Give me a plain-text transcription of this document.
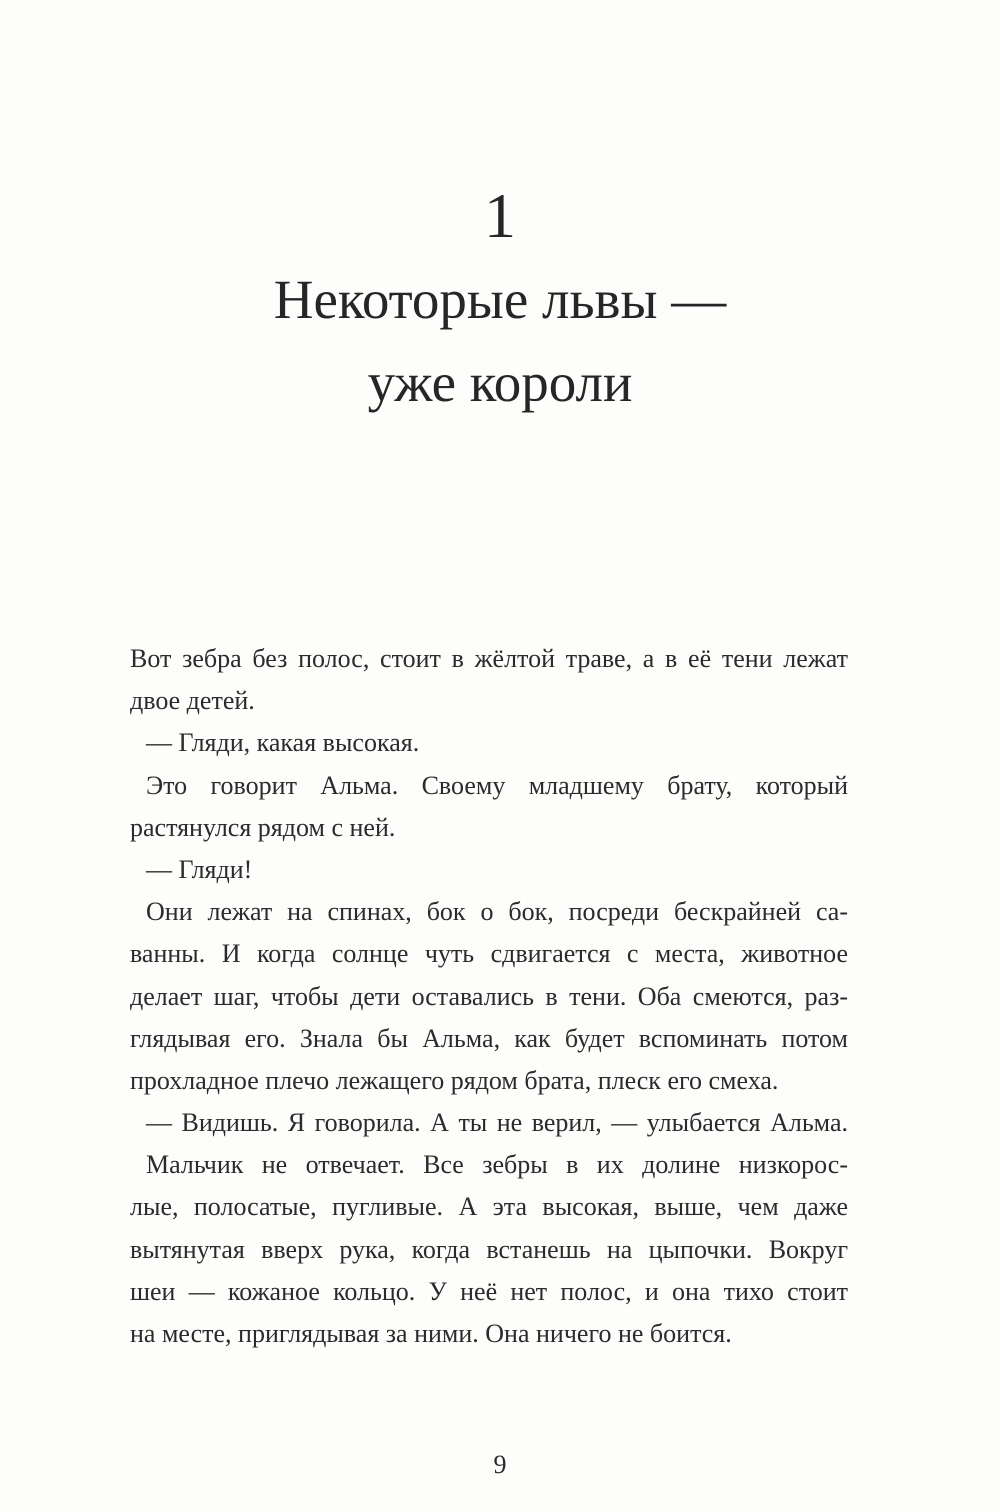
1
Некоторые львы —
уже короли
Вот зебра без полос, стоит в жёлтой траве, а в её тени лежат
двое детей.
— Гляди, какая высокая.
Это говорит Альма. Своему младшему брату, который
растянулся рядом с ней.
— Гляди!
Они лежат на спинах, бок о бок, посреди бескрайней са-
ванны. И когда солнце чуть сдвигается с места, животное
делает шаг, чтобы дети оставались в тени. Оба смеются, раз-
глядывая его. Знала бы Альма, как будет вспоминать потом
прохладное плечо лежащего рядом брата, плеск его смеха.
— Видишь. Я говорила. А ты не верил, — улыбается Альма.
Мальчик не отвечает. Все зебры в их долине низкорос-
лые, полосатые, пугливые. А эта высокая, выше, чем даже
вытянутая вверх рука, когда встанешь на цыпочки. Вокруг
шеи — кожаное кольцо. У неё нет полос, и она тихо стоит
на месте, приглядывая за ними. Она ничего не боится.
9
